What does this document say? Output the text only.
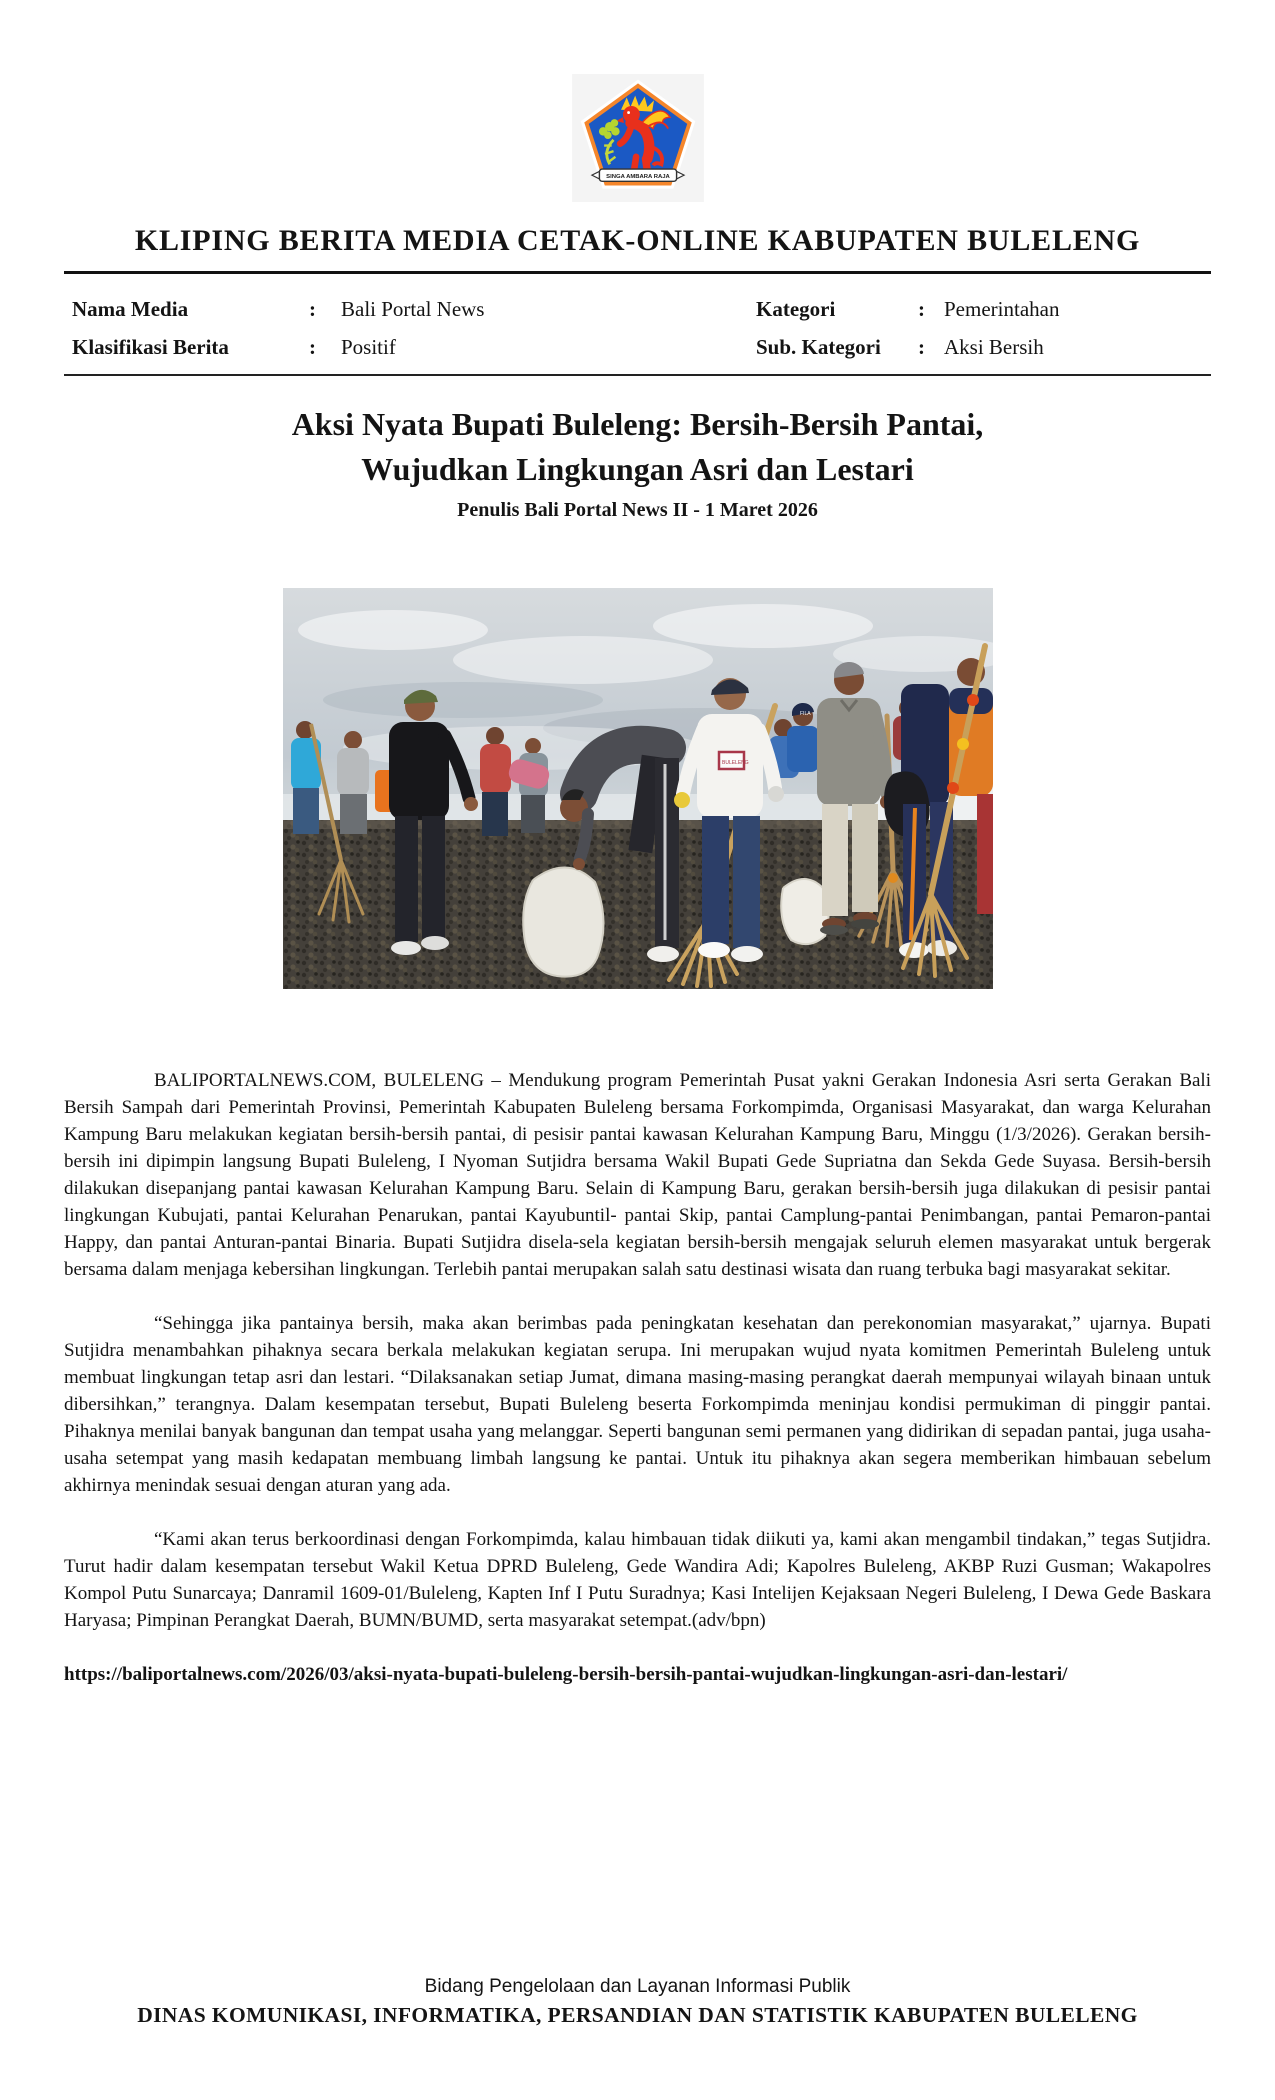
SINGA AMBARA RAJA
KLIPING BERITA MEDIA CETAK-ONLINE KABUPATEN BULELENG
Nama Media	:	Bali Portal News	Kategori	: Pemerintahan
Klasifikasi Berita	:	Positif	Sub. Kategori	: Aksi Bersih
Aksi Nyata Bupati Buleleng: Bersih-Bersih Pantai, Wujudkan Lingkungan Asri dan Lestari
Penulis Bali Portal News II - 1 Maret 2026
FILA
BULELENG

BALIPORTALNEWS.COM, BULELENG – Mendukung program Pemerintah Pusat yakni Gerakan Indonesia Asri serta Gerakan Bali Bersih Sampah dari Pemerintah Provinsi, Pemerintah Kabupaten Buleleng bersama Forkompimda, Organisasi Masyarakat, dan warga Kelurahan Kampung Baru melakukan kegiatan bersih-bersih pantai, di pesisir pantai kawasan Kelurahan Kampung Baru, Minggu (1/3/2026). Gerakan bersih-bersih ini dipimpin langsung Bupati Buleleng, I Nyoman Sutjidra bersama Wakil Bupati Gede Supriatna dan Sekda Gede Suyasa. Bersih-bersih dilakukan disepanjang pantai kawasan Kelurahan Kampung Baru. Selain di Kampung Baru, gerakan bersih-bersih juga dilakukan di pesisir pantai lingkungan Kubujati, pantai Kelurahan Penarukan, pantai Kayubuntil- pantai Skip, pantai Camplung-pantai Penimbangan, pantai Pemaron-pantai Happy, dan pantai Anturan-pantai Binaria. Bupati Sutjidra disela-sela kegiatan bersih-bersih mengajak seluruh elemen masyarakat untuk bergerak bersama dalam menjaga kebersihan lingkungan. Terlebih pantai merupakan salah satu destinasi wisata dan ruang terbuka bagi masyarakat sekitar.

“Sehingga jika pantainya bersih, maka akan berimbas pada peningkatan kesehatan dan perekonomian masyarakat,” ujarnya. Bupati Sutjidra menambahkan pihaknya secara berkala melakukan kegiatan serupa. Ini merupakan wujud nyata komitmen Pemerintah Buleleng untuk membuat lingkungan tetap asri dan lestari. “Dilaksanakan setiap Jumat, dimana masing-masing perangkat daerah mempunyai wilayah binaan untuk dibersihkan,” terangnya. Dalam kesempatan tersebut, Bupati Buleleng beserta Forkompimda meninjau kondisi permukiman di pinggir pantai. Pihaknya menilai banyak bangunan dan tempat usaha yang melanggar. Seperti bangunan semi permanen yang didirikan di sepadan pantai, juga usaha-usaha setempat yang masih kedapatan membuang limbah langsung ke pantai. Untuk itu pihaknya akan segera memberikan himbauan sebelum akhirnya menindak sesuai dengan aturan yang ada.

“Kami akan terus berkoordinasi dengan Forkompimda, kalau himbauan tidak diikuti ya, kami akan mengambil tindakan,” tegas Sutjidra. Turut hadir dalam kesempatan tersebut Wakil Ketua DPRD Buleleng, Gede Wandira Adi; Kapolres Buleleng, AKBP Ruzi Gusman; Wakapolres Kompol Putu Sunarcaya; Danramil 1609-01/Buleleng, Kapten Inf I Putu Suradnya; Kasi Intelijen Kejaksaan Negeri Buleleng, I Dewa Gede Baskara Haryasa; Pimpinan Perangkat Daerah, BUMN/BUMD, serta masyarakat setempat.(adv/bpn)

https://baliportalnews.com/2026/03/aksi-nyata-bupati-buleleng-bersih-bersih-pantai-wujudkan-lingkungan-asri-dan-lestari/

Bidang Pengelolaan dan Layanan Informasi Publik

DINAS KOMUNIKASI, INFORMATIKA, PERSANDIAN DAN STATISTIK KABUPATEN BULELENG
